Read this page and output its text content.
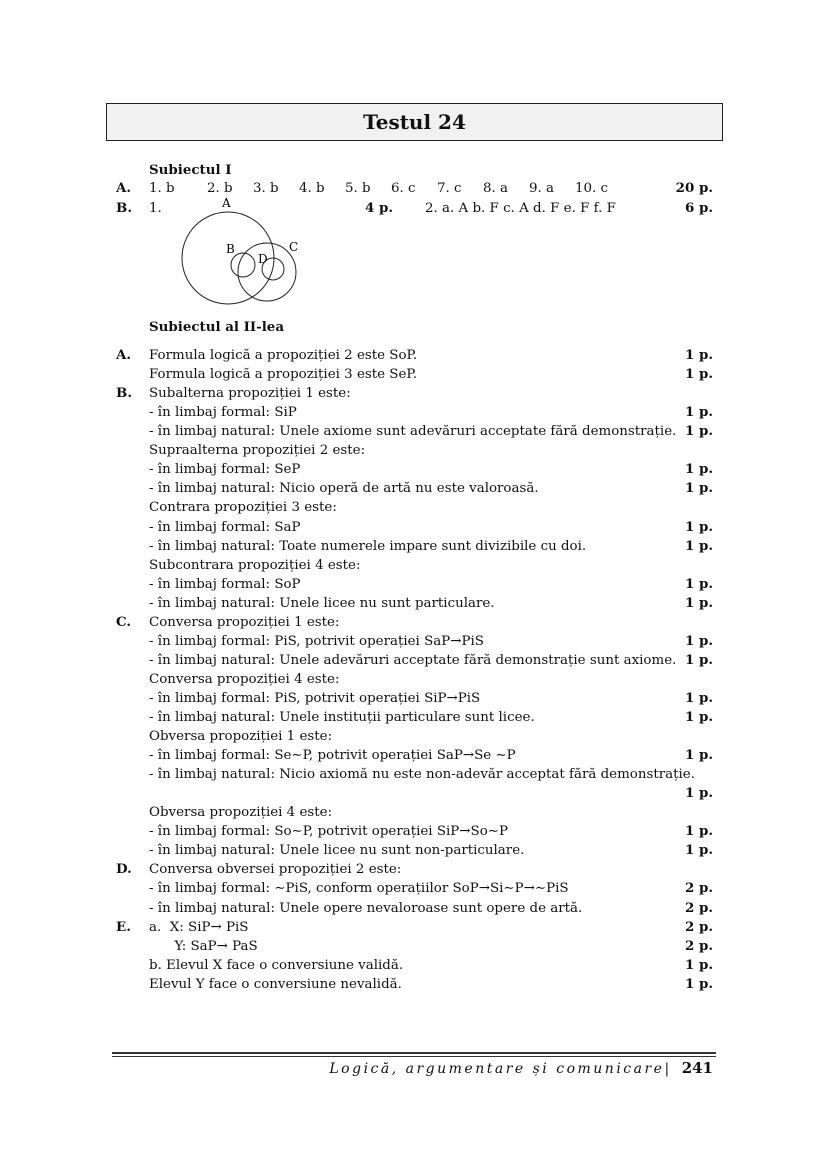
Testul 24
Subiectul I
A. 1. b 2. b 3. b 4. b 5. b 6. c 7. c 8. a 9. a 10. c	20 p.
B. 1.	4 p. 2. a. A b. F c. A d. F e. F f. F	6 p.
A
B	C
D
Subiectul al II-lea
A. Formula logică a propoziției 2 este SoP.	1 p.
Formula logică a propoziției 3 este SeP.	1 p.
B. Subalterna propoziției 1 este:
- în limbaj formal: SiP	1 p.
- în limbaj natural: Unele axiome sunt adevăruri acceptate fără demonstrație. 1 p.
Supraalterna propoziției 2 este:
- în limbaj formal: SeP	1 p.
- în limbaj natural: Nicio operă de artă nu este valoroasă.	1 p.
Contrara propoziției 3 este:
- în limbaj formal: SaP	1 p.
- în limbaj natural: Toate numerele impare sunt divizibile cu doi.	1 p.
Subcontrara propoziției 4 este:
- în limbaj formal: SoP	1 p.
- în limbaj natural: Unele licee nu sunt particulare.	1 p.
C. Conversa propoziției 1 este:
- în limbaj formal: PiS, potrivit operației SaP→PiS	1 p.
- în limbaj natural: Unele adevăruri acceptate fără demonstrație sunt axiome. 1 p.
Conversa propoziției 4 este:
- în limbaj formal: PiS, potrivit operației SiP→PiS	1 p.
- în limbaj natural: Unele instituții particulare sunt licee.	1 p.
Obversa propoziției 1 este:
- în limbaj formal: Se∼P, potrivit operației SaP→Se ∼P	1 p.
- în limbaj natural: Nicio axiomă nu este non-adevăr acceptat fără demonstrație.
1 p.
Obversa propoziției 4 este:
- în limbaj formal: So∼P, potrivit operației SiP→So∼P	1 p.
- în limbaj natural: Unele licee nu sunt non-particulare.	1 p.
D. Conversa obversei propoziției 2 este:
- în limbaj formal: ∼PiS, conform operațiilor SoP→Si∼P→∼PiS	2 p.
- în limbaj natural: Unele opere nevaloroase sunt opere de artă.	2 p.
E. a.  X: SiP→ PiS	2 p.
Y: SaP→ PaS	2 p.
b. Elevul X face o conversiune validă.	1 p.
Elevul Y face o conversiune nevalidă.	1 p.
Logică, argumentare și comunicare| 241
